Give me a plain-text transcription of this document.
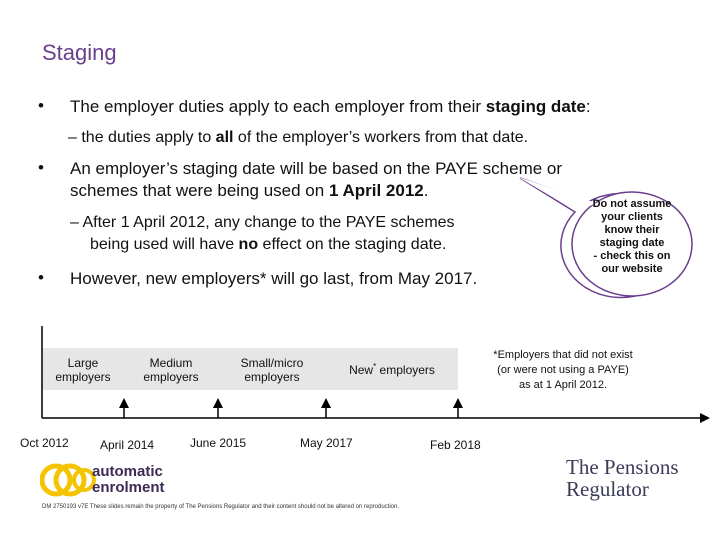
Staging
• The employer duties apply to each employer from their staging date:
– the duties apply to all of the employer’s workers from that date.
• An employer’s staging date will be based on the PAYE scheme or
schemes that were being used on 1 April 2012.
– After 1 April 2012, any change to the PAYE schemes
being used will have no effect on the staging date.
• However, new employers* will go last, from May 2017.
Do not assume
your clients
know their
staging date
- check this on
our website
Large
employers
Medium
employers
Small/micro
employers	New* employers
Oct 2012	April 2014	June 2015	May 2017	Feb 2018
*Employers that did not exist
(or were not using a PAYE)
as at 1 April 2012.
automatic
enrolment
The Pensions
Regulator
DM 2750193 v7E These slides remain the property of The Pensions Regulator and their content should not be altered on reproduction.
